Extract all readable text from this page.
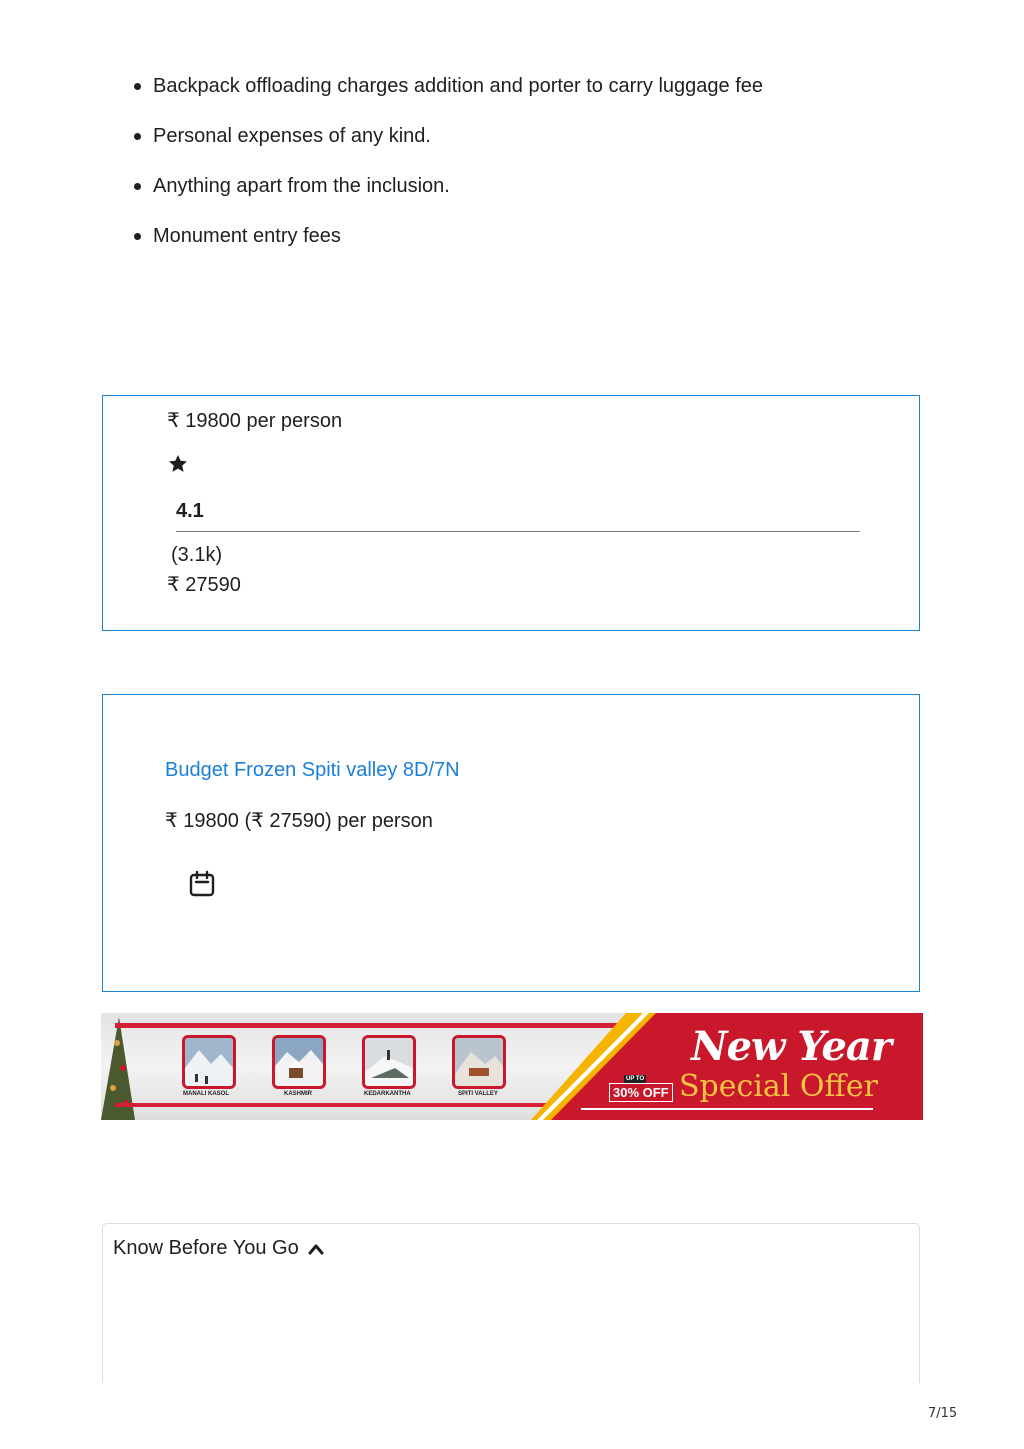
Backpack offloading charges addition and porter to carry luggage fee
Personal expenses of any kind.
Anything apart from the inclusion.
Monument entry fees
₹ 19800 per person
4.1
(3.1k)
₹ 27590
Budget Frozen Spiti valley 8D/7N
₹ 19800 (₹ 27590) per person
MANALI KASOL	KASHMIR	KEDARKANTHA	SPITI VALLEY
New Year
Special Offer
UP TO
30% OFF
Know Before You Go
7/15
